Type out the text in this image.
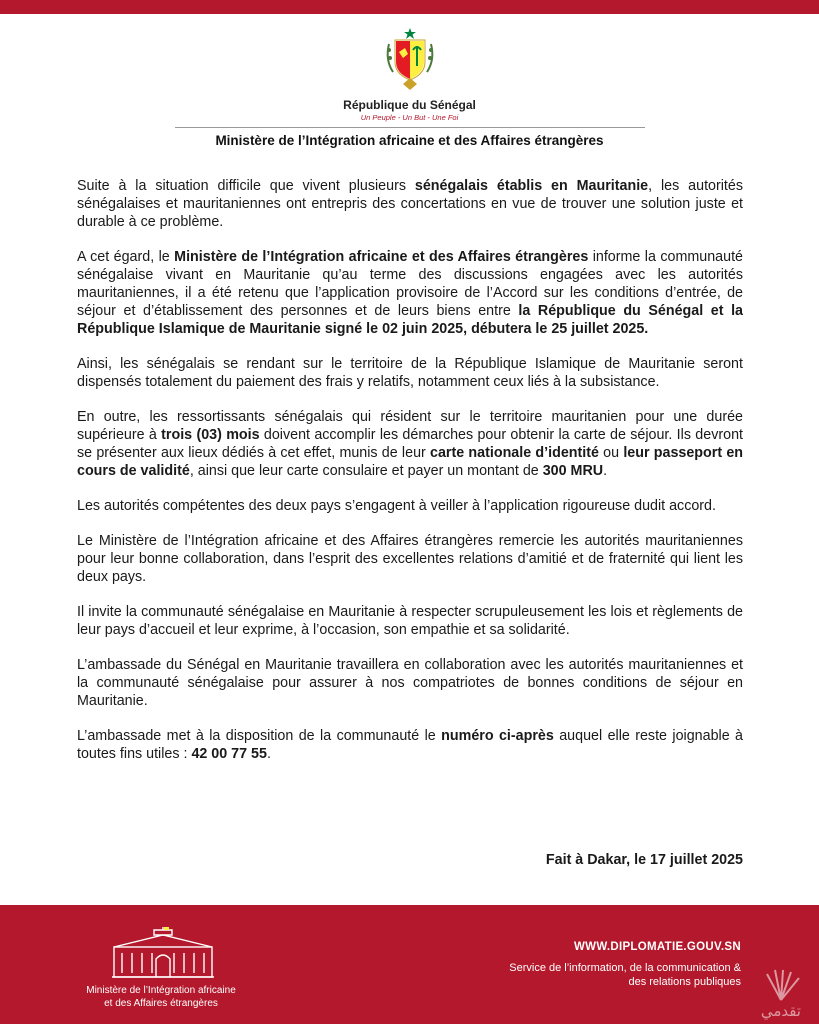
République du Sénégal
Un Peuple - Un But - Une Foi
Ministère de l’Intégration africaine et des Affaires étrangères

Suite à la situation difficile que vivent plusieurs sénégalais établis en Mauritanie, les autorités sénégalaises et mauritaniennes ont entrepris des concertations en vue de trouver une solution juste et durable à ce problème.

A cet égard, le Ministère de l’Intégration africaine et des Affaires étrangères informe la communauté sénégalaise vivant en Mauritanie qu’au terme des discussions engagées avec les autorités mauritaniennes, il a été retenu que l’application provisoire de l’Accord sur les conditions d’entrée, de séjour et d’établissement des personnes et de leurs biens entre la République du Sénégal et la République Islamique de Mauritanie signé le 02 juin 2025, débutera le 25 juillet 2025.

Ainsi, les sénégalais se rendant sur le territoire de la République Islamique de Mauritanie seront dispensés totalement du paiement des frais y relatifs, notamment ceux liés à la subsistance.

En outre, les ressortissants sénégalais qui résident sur le territoire mauritanien pour une durée supérieure à trois (03) mois doivent accomplir les démarches pour obtenir la carte de séjour. Ils devront se présenter aux lieux dédiés à cet effet, munis de leur carte nationale d’identité ou leur passeport en cours de validité, ainsi que leur carte consulaire et payer un montant de 300 MRU.

Les autorités compétentes des deux pays s’engagent à veiller à l’application rigoureuse dudit accord.

Le Ministère de l’Intégration africaine et des Affaires étrangères remercie les autorités mauritaniennes pour leur bonne collaboration, dans l’esprit des excellentes relations d’amitié et de fraternité qui lient les deux pays.

Il invite la communauté sénégalaise en Mauritanie à respecter scrupuleusement les lois et règlements de leur pays d’accueil et leur exprime, à l’occasion, son empathie et sa solidarité.

L’ambassade du Sénégal en Mauritanie travaillera en collaboration avec les autorités mauritaniennes et la communauté sénégalaise pour assurer à nos compatriotes de bonnes conditions de séjour en Mauritanie.

L’ambassade met à la disposition de la communauté le numéro ci-après auquel elle reste joignable à toutes fins utiles : 42 00 77 55.

Fait à Dakar, le 17 juillet 2025
Ministère de l’Intégration africaine
et des Affaires étrangères
WWW.DIPLOMATIE.GOUV.SN
Service de l’information, de la communication &
des relations publiques
تقدمي
